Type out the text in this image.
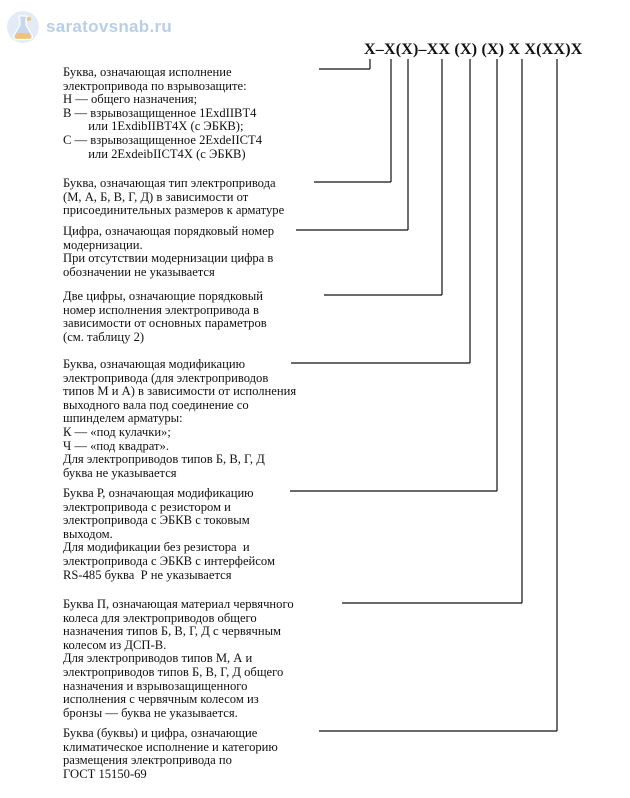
saratovsnab.ru
Х–Х(Х)–ХХ (Х) (Х) Х Х(ХХ)Х
Буква, означающая исполнение
электропривода по взрывозащите:
Н — общего назначения;
В — взрывозащищенное 1ExdIIBT4
или 1ExdibIIBT4X (с ЭБКВ);
С — взрывозащищенное 2ExdeIICT4
или 2ExdeibIICT4X (с ЭБКВ)
Буква, означающая тип электропривода
(М, А, Б, В, Г, Д) в зависимости от
присоединительных размеров к арматуре
Цифра, означающая порядковый номер
модернизации.
При отсутствии модернизации цифра в
обозначении не указывается
Две цифры, означающие порядковый
номер исполнения электропривода в
зависимости от основных параметров
(см. таблицу 2)
Буква, означающая модификацию
электропривода (для электроприводов
типов М и А) в зависимости от исполнения
выходного вала под соединение со
шпинделем арматуры:
К — «под кулачки»;
Ч — «под квадрат».
Для электроприводов типов Б, В, Г, Д
буква не указывается
Буква Р, означающая модификацию
электропривода с резистором и
электропривода с ЭБКВ с токовым
выходом.
Для модификации без резистора  и
электропривода с ЭБКВ с интерфейсом
RS-485 буква  Р не указывается
Буква П, означающая материал червячного
колеса для электроприводов общего
назначения типов Б, В, Г, Д с червячным
колесом из ДСП-В.
Для электроприводов типов М, А и
электроприводов типов Б, В, Г, Д общего
назначения и взрывозащищенного
исполнения с червячным колесом из
бронзы — буква не указывается.
Буква (буквы) и цифра, означающие
климатическое исполнение и категорию
размещения электропривода по
ГОСТ 15150-69
